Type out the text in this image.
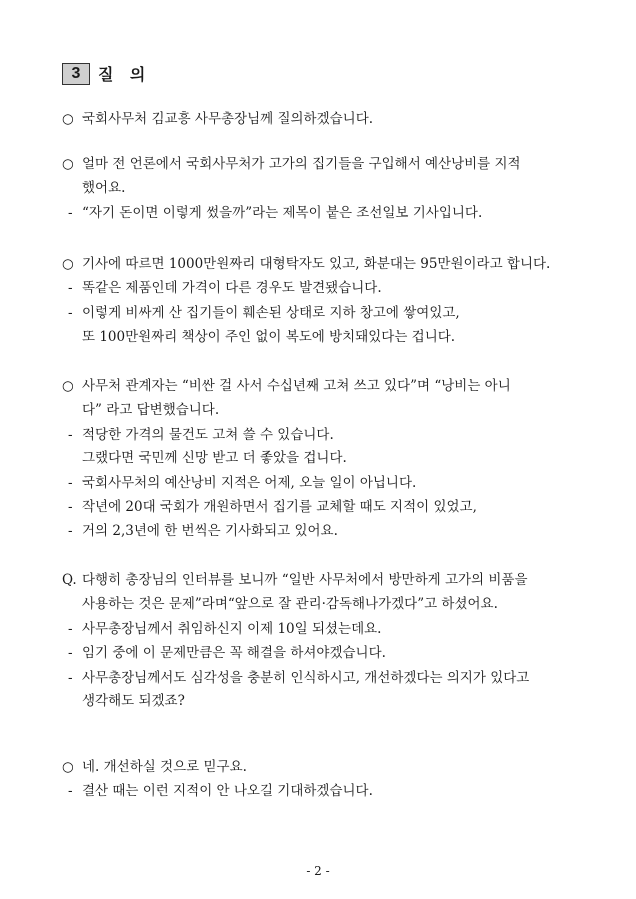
3	질 의
○ 국회사무처 김교흥 사무총장님께 질의하겠습니다.
○ 얼마 전 언론에서 국회사무처가 고가의 집기들을 구입해서 예산낭비를 지적
했어요.
- “자기 돈이면 이렇게 썼을까”라는 제목이 붙은 조선일보 기사입니다.
○ 기사에 따르면 1000만원짜리 대형탁자도 있고, 화분대는 95만원이라고 합니다.
- 똑같은 제품인데 가격이 다른 경우도 발견됐습니다.
- 이렇게 비싸게 산 집기들이 훼손된 상태로 지하 창고에 쌓여있고,
또 100만원짜리 책상이 주인 없이 복도에 방치돼있다는 겁니다.
○ 사무처 관계자는 “비싼 걸 사서 수십년째 고쳐 쓰고 있다”며 “낭비는 아니
다” 라고 답변했습니다.
- 적당한 가격의 물건도 고쳐 쓸 수 있습니다.
그랬다면 국민께 신망 받고 더 좋았을 겁니다.
- 국회사무처의 예산낭비 지적은 어제, 오늘 일이 아닙니다.
- 작년에 20대 국회가 개원하면서 집기를 교체할 때도 지적이 있었고,
- 거의 2,3년에 한 번씩은 기사화되고 있어요.
Q. 다행히 총장님의 인터뷰를 보니까 “일반 사무처에서 방만하게 고가의 비품을
사용하는 것은 문제”라며“앞으로 잘 관리·감독해나가겠다”고 하셨어요.
- 사무총장님께서 취임하신지 이제 10일 되셨는데요.
- 임기 중에 이 문제만큼은 꼭 해결을 하셔야겠습니다.
- 사무총장님께서도 심각성을 충분히 인식하시고, 개선하겠다는 의지가 있다고
생각해도 되겠죠?
○ 네. 개선하실 것으로 믿구요.
- 결산 때는 이런 지적이 안 나오길 기대하겠습니다.
- 2 -
